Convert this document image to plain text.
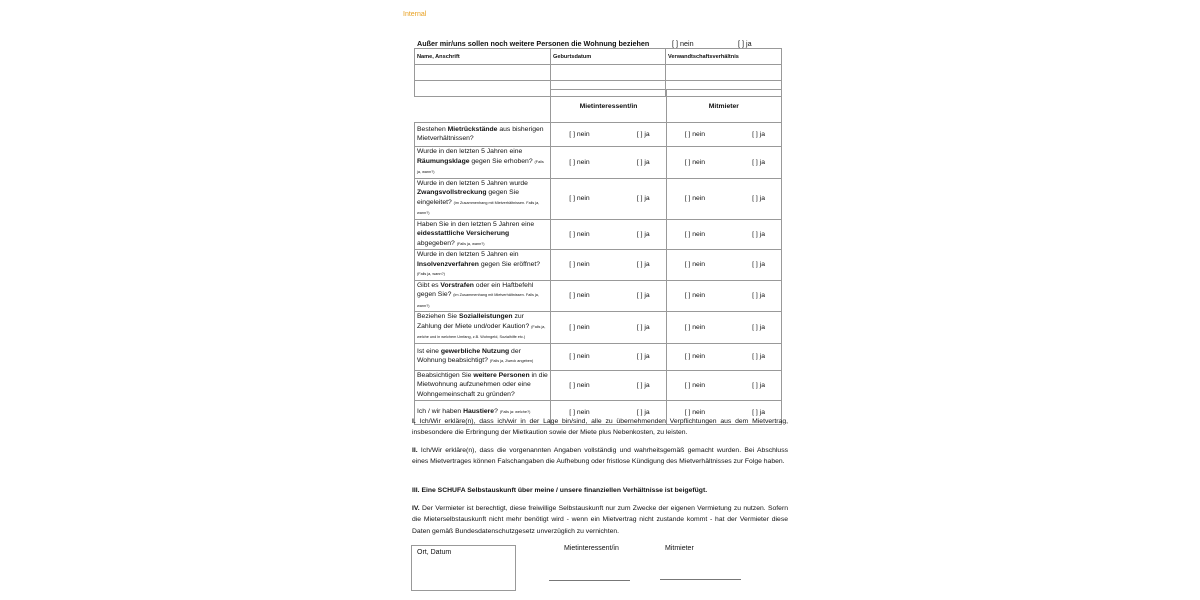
Internal
Außer mir/uns sollen noch weitere Personen die Wohnung beziehen	[ ] nein	[ ] ja
Name, Anschrift	Geburtsdatum	Verwandtschaftsverhältnis

	Mietinteressent/in	Mitmieter
Bestehen Mietrückstände aus bisherigen Mietverhältnissen?	[ ] nein [ ] ja	[ ] nein [ ] ja

Wurde in den letzten 5 Jahren eine Räumungsklage gegen Sie erhoben? (Falls ja, wann?)	[ ] nein [ ] ja	[ ] nein [ ] ja

Wurde in den letzten 5 Jahren wurde Zwangsvollstreckung gegen Sie eingeleitet? (im Zusammenhang mit Mietverhältnissen. Falls ja, wann?)	[ ] nein [ ] ja	[ ] nein [ ] ja

Haben Sie in den letzten 5 Jahren eine eidesstattliche Versicherung abgegeben? (Falls ja, wann?)	[ ] nein [ ] ja	[ ] nein [ ] ja

Wurde in den letzten 5 Jahren ein Insolvenzverfahren gegen Sie eröffnet? (Falls ja, wann?)	[ ] nein [ ] ja	[ ] nein [ ] ja

Gibt es Vorstrafen oder ein Haftbefehl gegen Sie? (im Zusammenhang mit Mietverhältnissen. Falls ja, wann?)	[ ] nein [ ] ja	[ ] nein [ ] ja

Beziehen Sie Sozialleistungen zur Zahlung der Miete und/oder Kaution? (Falls ja, welche und in welchem Umfang, z.B. Wohngeld, Sozialhilfe etc.)	[ ] nein [ ] ja	[ ] nein [ ] ja

Ist eine gewerbliche Nutzung der Wohnung beabsichtigt? (Falls ja, Zweck angeben)	[ ] nein [ ] ja	[ ] nein [ ] ja

Beabsichtigen Sie weitere Personen in die Mietwohnung aufzunehmen oder eine Wohngemeinschaft zu gründen?	[ ] nein [ ] ja	[ ] nein [ ] ja

Ich / wir haben Haustiere? (Falls ja: welche?)	[ ] nein [ ] ja	[ ] nein [ ] ja
I. Ich/Wir erkläre(n), dass ich/wir in der Lage bin/sind, alle zu übernehmenden Verpflichtungen aus dem Mietvertrag, insbesondere die Erbringung der Mietkaution sowie der Miete plus Nebenkosten, zu leisten.
II. Ich/Wir erkläre(n), dass die vorgenannten Angaben vollständig und wahrheitsgemäß gemacht wurden. Bei Abschluss eines Mietvertrages können Falschangaben die Aufhebung oder fristlose Kündigung des Mietverhältnisses zur Folge haben.
III. Eine SCHUFA Selbstauskunft über meine / unsere finanziellen Verhältnisse ist beigefügt.
IV. Der Vermieter ist berechtigt, diese freiwillige Selbstauskunft nur zum Zwecke der eigenen Vermietung zu nutzen. Sofern die Mieterselbstauskunft nicht mehr benötigt wird - wenn ein Mietvertrag nicht zustande kommt - hat der Vermieter diese Daten gemäß Bundesdatenschutzgesetz unverzüglich zu vernichten.
Ort, Datum
Mietinteressent/in	Mitmieter
